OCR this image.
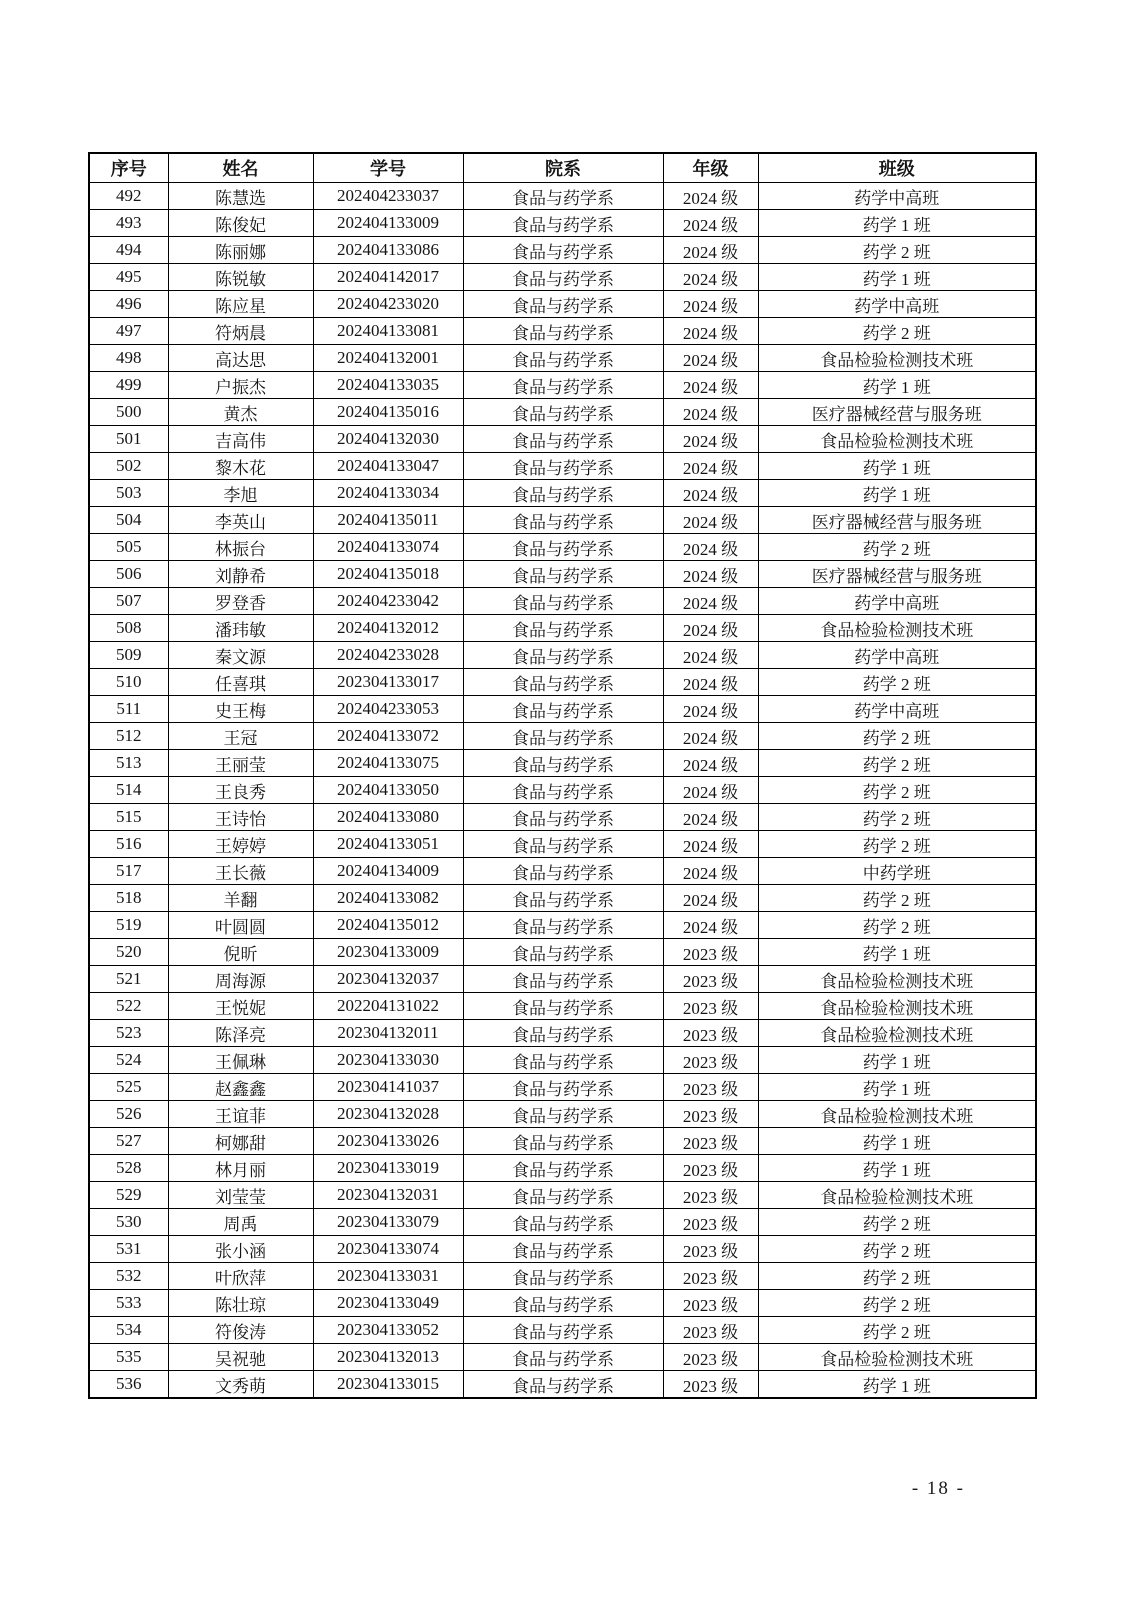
序号	姓名	学号	院系	年级	班级
492	陈慧选	202404233037	食品与药学系	2024 级	药学中高班
493	陈俊妃	202404133009	食品与药学系	2024 级	药学 1 班
494	陈丽娜	202404133086	食品与药学系	2024 级	药学 2 班
495	陈锐敏	202404142017	食品与药学系	2024 级	药学 1 班
496	陈应星	202404233020	食品与药学系	2024 级	药学中高班
497	符炳晨	202404133081	食品与药学系	2024 级	药学 2 班
498	高达思	202404132001	食品与药学系	2024 级	食品检验检测技术班
499	户振杰	202404133035	食品与药学系	2024 级	药学 1 班
500	黄杰	202404135016	食品与药学系	2024 级	医疗器械经营与服务班
501	吉高伟	202404132030	食品与药学系	2024 级	食品检验检测技术班
502	黎木花	202404133047	食品与药学系	2024 级	药学 1 班
503	李旭	202404133034	食品与药学系	2024 级	药学 1 班
504	李英山	202404135011	食品与药学系	2024 级	医疗器械经营与服务班
505	林振台	202404133074	食品与药学系	2024 级	药学 2 班
506	刘静希	202404135018	食品与药学系	2024 级	医疗器械经营与服务班
507	罗登香	202404233042	食品与药学系	2024 级	药学中高班
508	潘玮敏	202404132012	食品与药学系	2024 级	食品检验检测技术班
509	秦文源	202404233028	食品与药学系	2024 级	药学中高班
510	任喜琪	202304133017	食品与药学系	2024 级	药学 2 班
511	史王梅	202404233053	食品与药学系	2024 级	药学中高班
512	王冠	202404133072	食品与药学系	2024 级	药学 2 班
513	王丽莹	202404133075	食品与药学系	2024 级	药学 2 班
514	王良秀	202404133050	食品与药学系	2024 级	药学 2 班
515	王诗怡	202404133080	食品与药学系	2024 级	药学 2 班
516	王婷婷	202404133051	食品与药学系	2024 级	药学 2 班
517	王长薇	202404134009	食品与药学系	2024 级	中药学班
518	羊翻	202404133082	食品与药学系	2024 级	药学 2 班
519	叶圆圆	202404135012	食品与药学系	2024 级	药学 2 班
520	倪昕	202304133009	食品与药学系	2023 级	药学 1 班
521	周海源	202304132037	食品与药学系	2023 级	食品检验检测技术班
522	王悦妮	202204131022	食品与药学系	2023 级	食品检验检测技术班
523	陈泽亮	202304132011	食品与药学系	2023 级	食品检验检测技术班
524	王佩琳	202304133030	食品与药学系	2023 级	药学 1 班
525	赵鑫鑫	202304141037	食品与药学系	2023 级	药学 1 班
526	王谊菲	202304132028	食品与药学系	2023 级	食品检验检测技术班
527	柯娜甜	202304133026	食品与药学系	2023 级	药学 1 班
528	林月丽	202304133019	食品与药学系	2023 级	药学 1 班
529	刘莹莹	202304132031	食品与药学系	2023 级	食品检验检测技术班
530	周禹	202304133079	食品与药学系	2023 级	药学 2 班
531	张小涵	202304133074	食品与药学系	2023 级	药学 2 班
532	叶欣萍	202304133031	食品与药学系	2023 级	药学 2 班
533	陈壮琼	202304133049	食品与药学系	2023 级	药学 2 班
534	符俊涛	202304133052	食品与药学系	2023 级	药学 2 班
535	吴祝驰	202304132013	食品与药学系	2023 级	食品检验检测技术班
536	文秀萌	202304133015	食品与药学系	2023 级	药学 1 班
- 18 -
